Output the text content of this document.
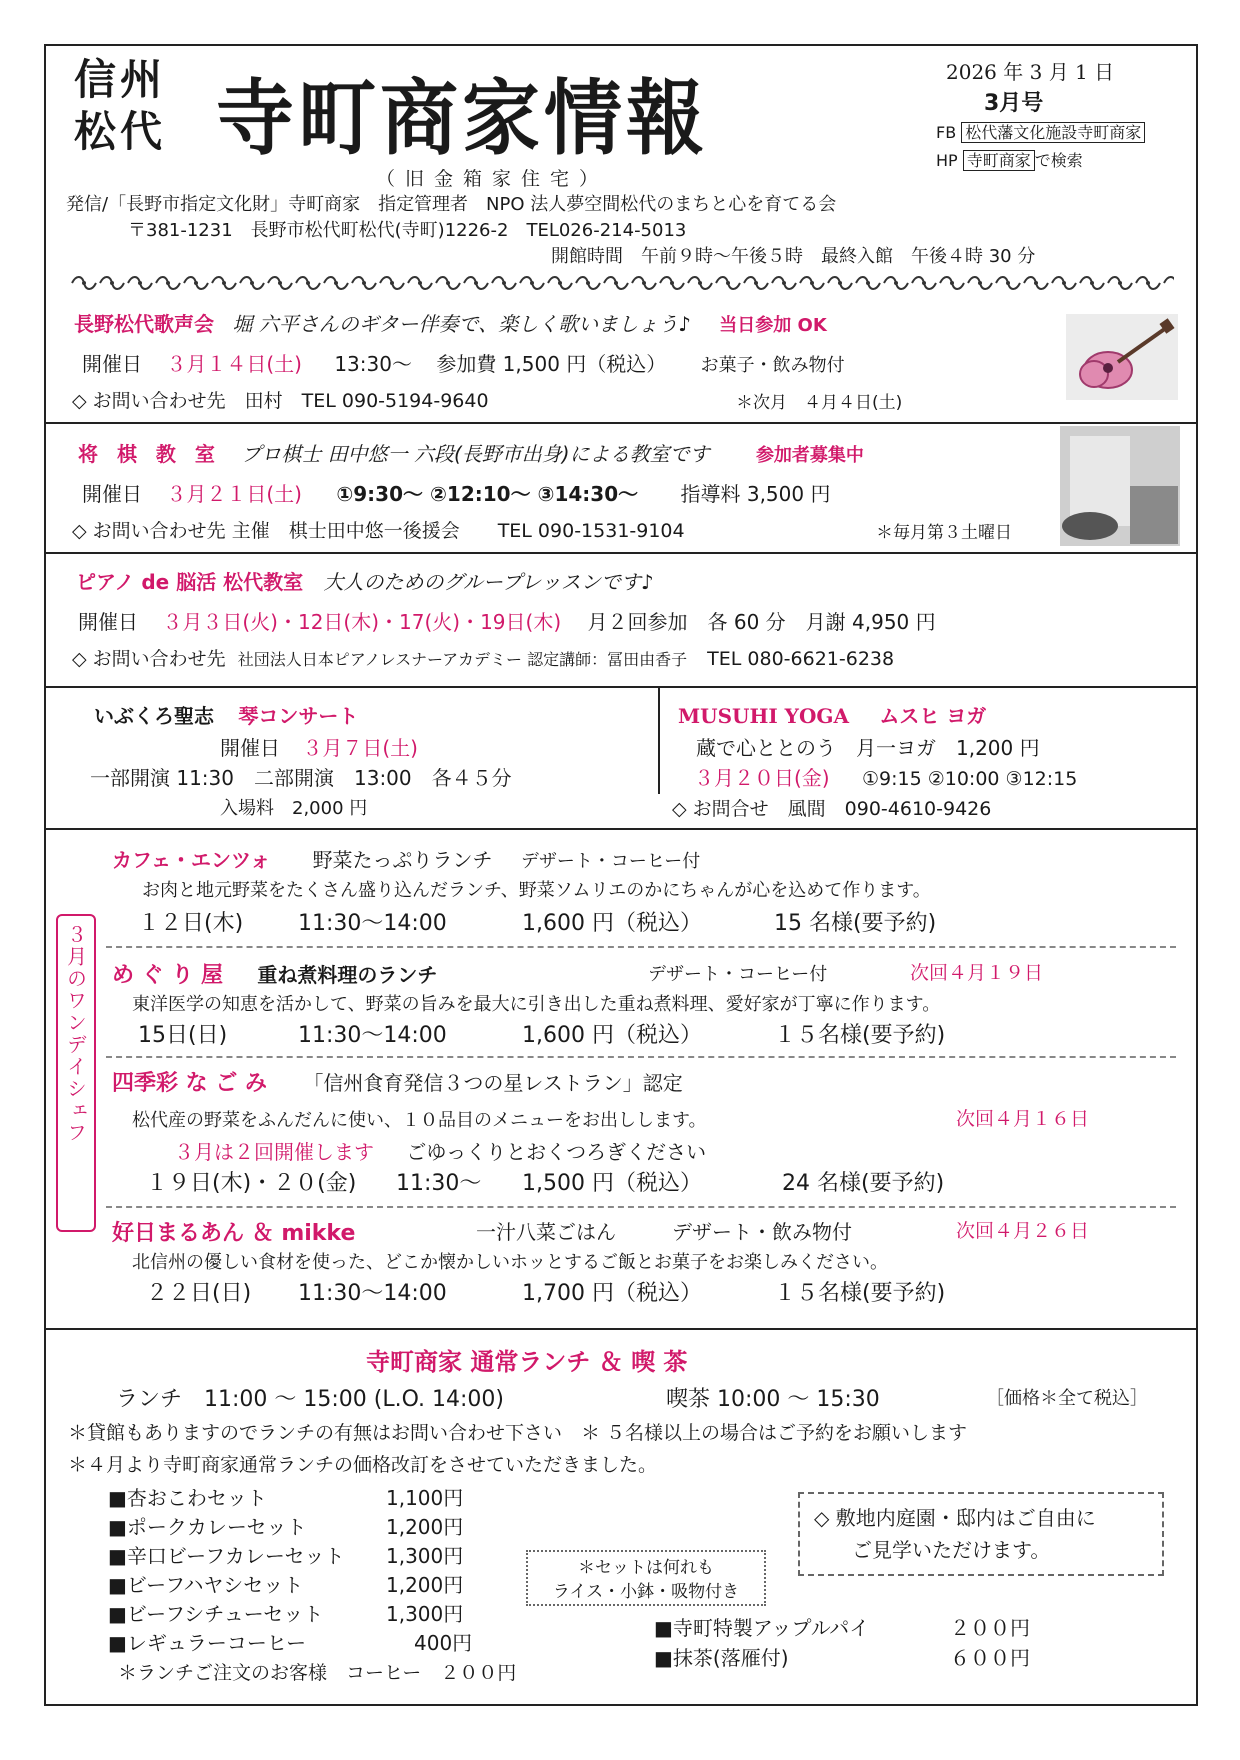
信州
松代 寺町商家情報
（旧金箱家住宅）
2026 年 3 月 1 日
3月号
FB 松代藩文化施設寺町商家
HP 寺町商家 で検索
発信/「長野市指定文化財」寺町商家　指定管理者　NPO 法人夢空間松代のまちと心を育てる会
〒381-1231　長野市松代町松代(寺町)1226-2　TEL026-214-5013
開館時間　午前９時～午後５時　最終入館　午後４時 30 分
長野松代歌声会 堀 六平さんのギター伴奏で、楽しく歌いましょう♪ 当日参加 OK
開催日 ３月１４日(土) 13:30～ 参加費 1,500 円（税込） お菓子・飲み物付
◇ お問い合わせ先　田村　TEL 090-5194-9640	＊次月　４月４日(土)
将 棋 教 室 プロ棋士 田中悠一 六段(長野市出身)による教室です	参加者募集中
開催日 ３月２１日(土) ①9:30～ ②12:10～ ③14:30～ 指導料 3,500 円
◇ お問い合わせ先 主催　棋士田中悠一後援会　　TEL 090-1531-9104	＊毎月第３土曜日
ピアノ de 脳活 松代教室 大人のためのグループレッスンです♪
開催日 ３月３日(火)・12日(木)・17(火)・19日(木) 月２回参加　各 60 分　月謝 4,950 円
◇ お問い合わせ先 社団法人日本ピアノレスナーアカデミー 認定講師：冨田由香子 TEL 080-6621-6238
いぶくろ聖志 琴コンサート
開催日 ３月７日(土)
一部開演 11:30　二部開演　13:00　各４５分
入場料　2,000 円
MUSUHI YOGA ムスヒ ヨガ
蔵で心ととのう　月一ヨガ　1,200 円
３月２０日(金) ①9:15 ②10:00 ③12:15
◇ お問合せ　風間　090-4610-9426
３月のワンデイシェフ
カフェ・エンツォ 野菜たっぷりランチ デザート・コーヒー付
お肉と地元野菜をたくさん盛り込んだランチ、野菜ソムリエのかにちゃんが心を込めて作ります。
１２日(木) 11:30～14:00	1,600 円（税込）	15 名様(要予約)
め ぐ り 屋 重ね煮料理のランチ	デザート・コーヒー付	次回４月１９日
東洋医学の知恵を活かして、野菜の旨みを最大に引き出した重ね煮料理、愛好家が丁寧に作ります。
15日(日)	11:30～14:00	1,600 円（税込）	１５名様(要予約)
四季彩 な ご み 「信州食育発信３つの星レストラン」認定
松代産の野菜をふんだんに使い、１０品目のメニューをお出しします。	次回４月１６日
３月は２回開催します ごゆっくりとおくつろぎください
１９日(木)・２０(金) 11:30～ 1,500 円（税込）	24 名様(要予約)
好日まるあん ＆ mikke	一汁八菜ごはん	デザート・飲み物付	次回４月２６日
北信州の優しい食材を使った、どこか懐かしいホッとするご飯とお菓子をお楽しみください。
２２日(日) 11:30～14:00	1,700 円（税込）	１５名様(要予約)
寺町商家 通常ランチ ＆ 喫 茶
ランチ　11:00 ～ 15:00 (L.O. 14:00)	喫茶 10:00 ～ 15:30	［価格＊全て税込］
＊貸館もありますのでランチの有無はお問い合わせ下さい　＊ ５名様以上の場合はご予約をお願いします
＊４月より寺町商家通常ランチの価格改訂をさせていただきました。
■杏おこわセット	1,100円
■ポークカレーセット	1,200円
■辛口ビーフカレーセット 1,300円
■ビーフハヤシセット	1,200円
■ビーフシチューセット	1,300円
■レギュラーコーヒー	400円
＊ランチご注文のお客様　コーヒー　２００円
＊セットは何れも
ライス・小鉢・吸物付き
◇ 敷地内庭園・邸内はご自由に
ご見学いただけます。
■寺町特製アップルパイ	２００円
■抹茶(落雁付)	６００円
